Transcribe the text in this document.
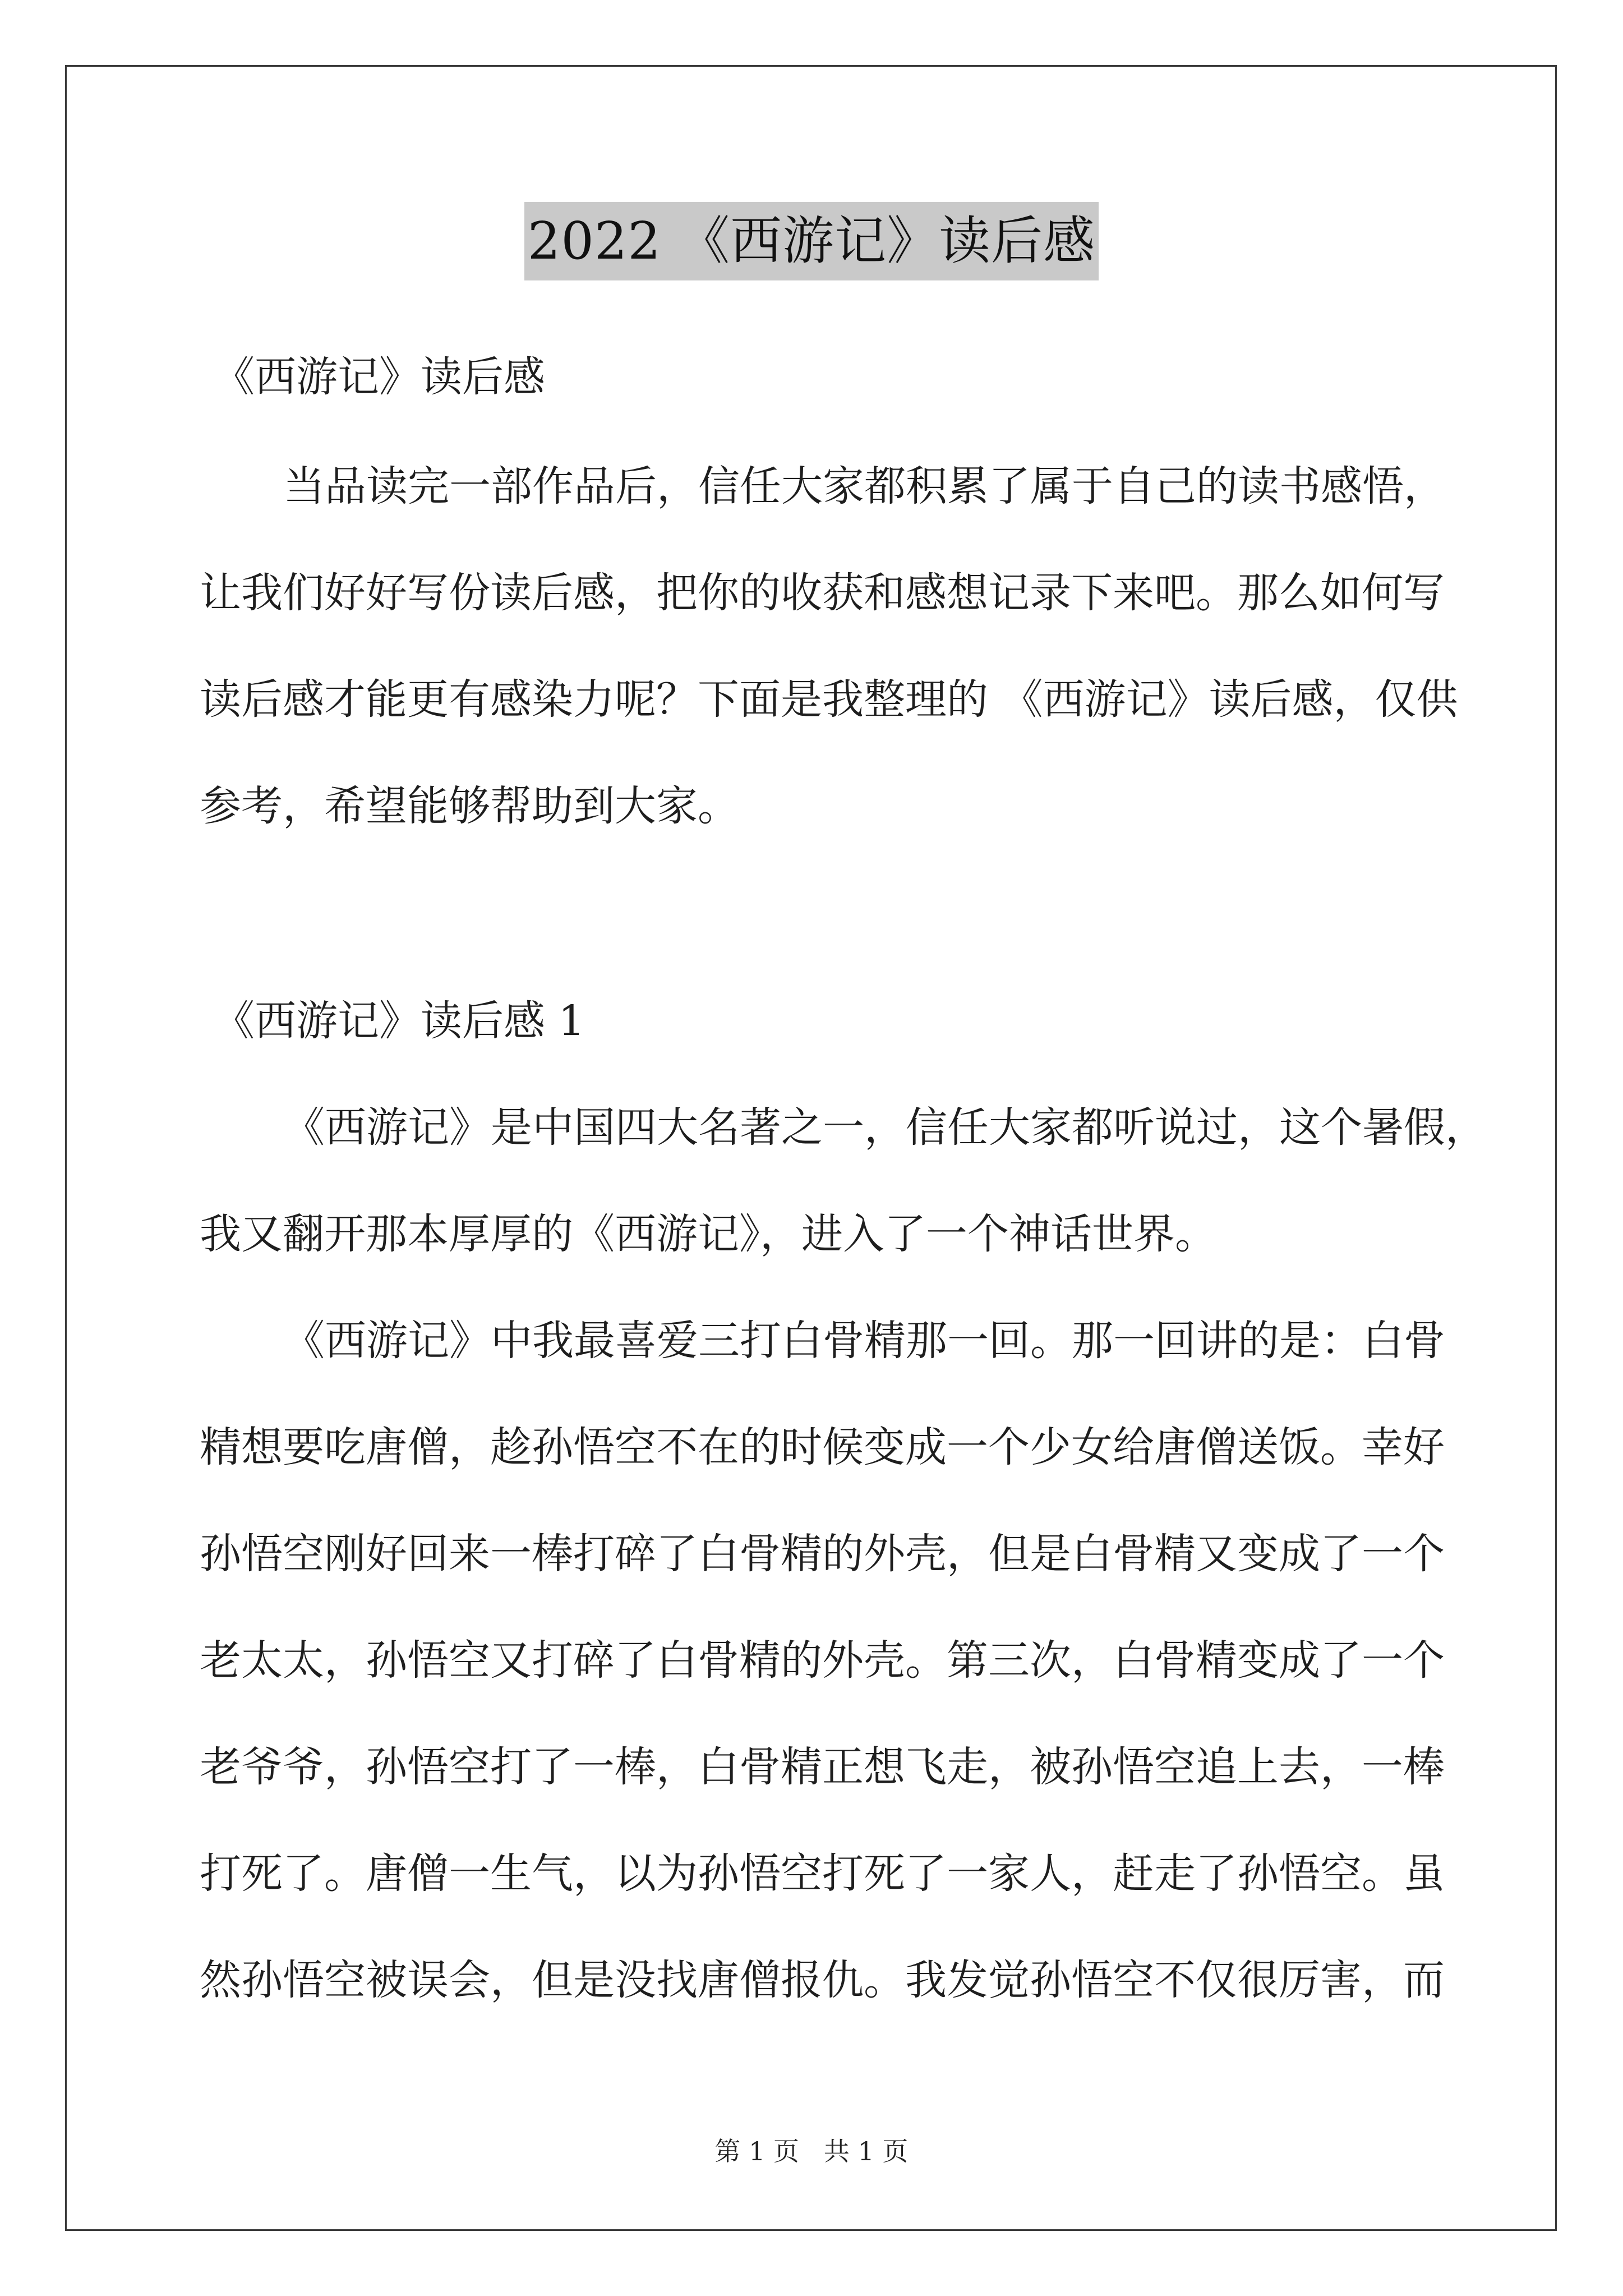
2022 《西游记》读后感
《西游记》读后感
当品读完一部作品后，信任大家都积累了属于自己的读书感悟，
让我们好好写份读后感，把你的收获和感想记录下来吧。那么如何写
读后感才能更有感染力呢？下面是我整理的 《西游记》读后感，仅供
参考，希望能够帮助到大家。
《西游记》读后感 1
《西游记》是中国四大名著之一，信任大家都听说过，这个暑假，
我又翻开那本厚厚的《西游记》，进入了一个神话世界。
《西游记》中我最喜爱三打白骨精那一回。那一回讲的是：白骨
精想要吃唐僧，趁孙悟空不在的时候变成一个少女给唐僧送饭。幸好
孙悟空刚好回来一棒打碎了白骨精的外壳，但是白骨精又变成了一个
老太太，孙悟空又打碎了白骨精的外壳。第三次，白骨精变成了一个
老爷爷，孙悟空打了一棒，白骨精正想飞走，被孙悟空追上去，一棒
打死了。唐僧一生气，以为孙悟空打死了一家人，赶走了孙悟空。虽
然孙悟空被误会，但是没找唐僧报仇。我发觉孙悟空不仅很厉害，而
第 1 页   共 1 页
